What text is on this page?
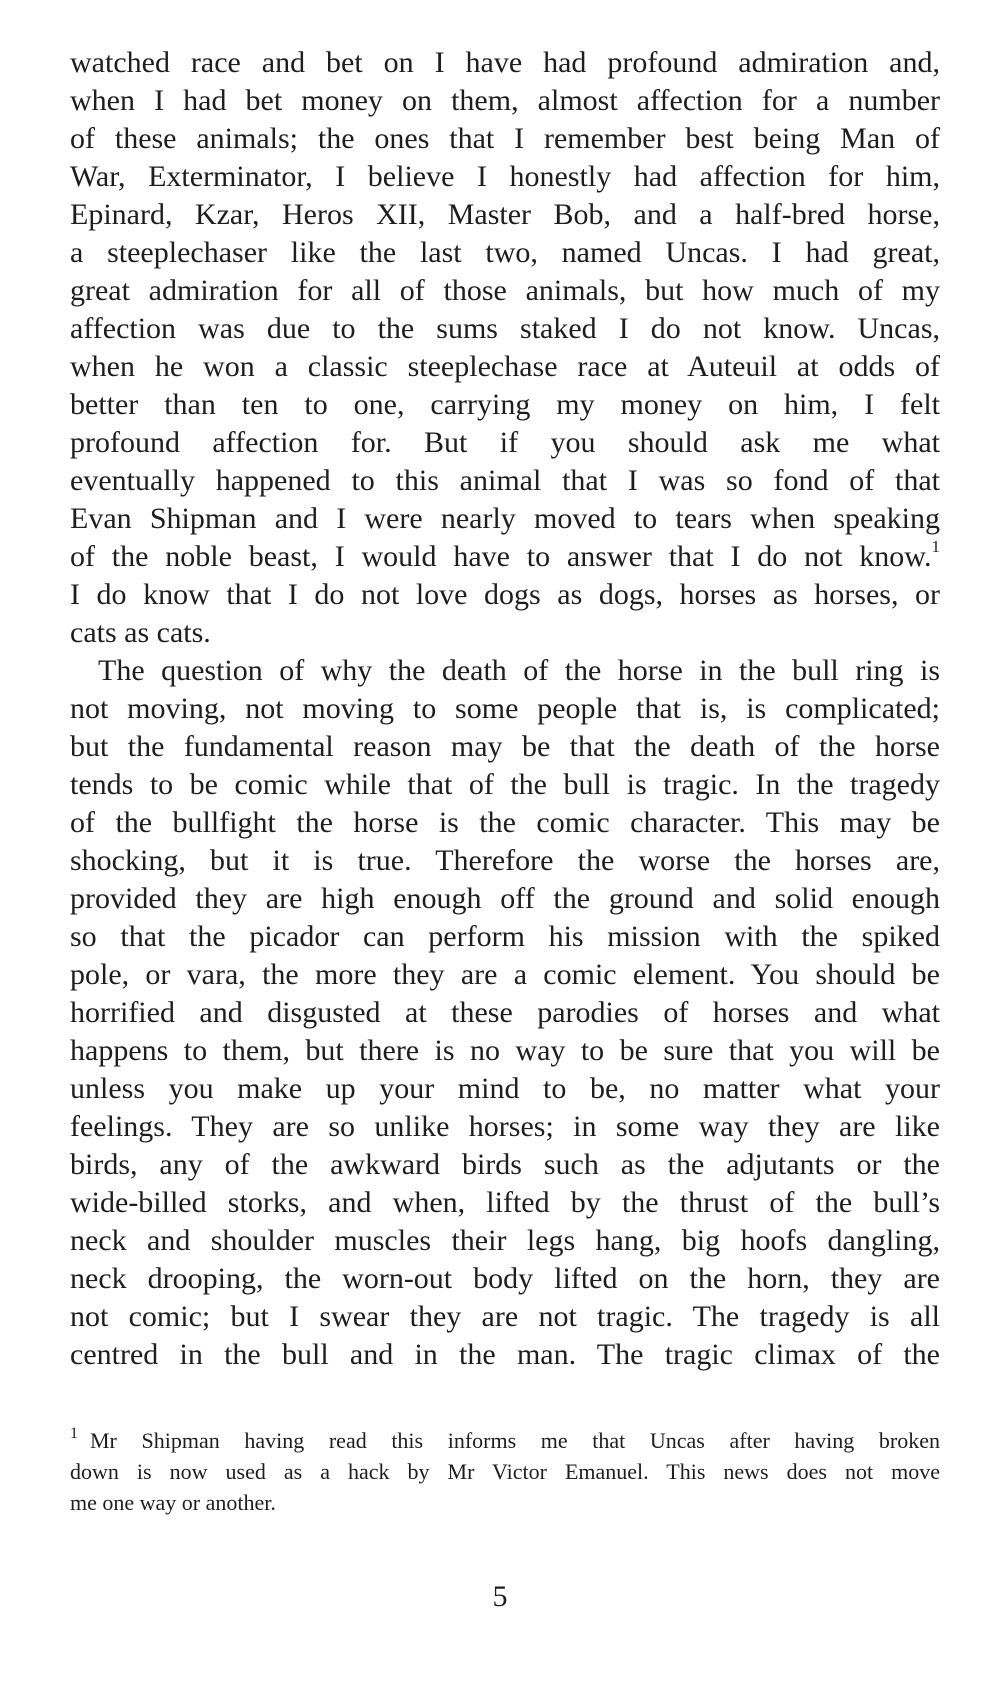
watched race and bet on I have had profound admiration and,
when I had bet money on them, almost affection for a number
of these animals; the ones that I remember best being Man of
War, Exterminator, I believe I honestly had affection for him,
Epinard, Kzar, Heros XII, Master Bob, and a half-bred horse,
a steeplechaser like the last two, named Uncas. I had great,
great admiration for all of those animals, but how much of my
affection was due to the sums staked I do not know. Uncas,
when he won a classic steeplechase race at Auteuil at odds of
better than ten to one, carrying my money on him, I felt
profound affection for. But if you should ask me what
eventually happened to this animal that I was so fond of that
Evan Shipman and I were nearly moved to tears when speaking
of the noble beast, I would have to answer that I do not know.$^1$
I do know that I do not love dogs as dogs, horses as horses, or
cats as cats.
The question of why the death of the horse in the bull ring is
not moving, not moving to some people that is, is complicated;
but the fundamental reason may be that the death of the horse
tends to be comic while that of the bull is tragic. In the tragedy
of the bullfight the horse is the comic character. This may be
shocking, but it is true. Therefore the worse the horses are,
provided they are high enough off the ground and solid enough
so that the picador can perform his mission with the spiked
pole, or vara, the more they are a comic element. You should be
horrified and disgusted at these parodies of horses and what
happens to them, but there is no way to be sure that you will be
unless you make up your mind to be, no matter what your
feelings. They are so unlike horses; in some way they are like
birds, any of the awkward birds such as the adjutants or the
wide-billed storks, and when, lifted by the thrust of the bull’s
neck and shoulder muscles their legs hang, big hoofs dangling,
neck drooping, the worn-out body lifted on the horn, they are
not comic; but I swear they are not tragic. The tragedy is all
centred in the bull and in the man. The tragic climax of the
$^1$ Mr Shipman having read this informs me that Uncas after having broken
down is now used as a hack by Mr Victor Emanuel. This news does not move
me one way or another.
5
